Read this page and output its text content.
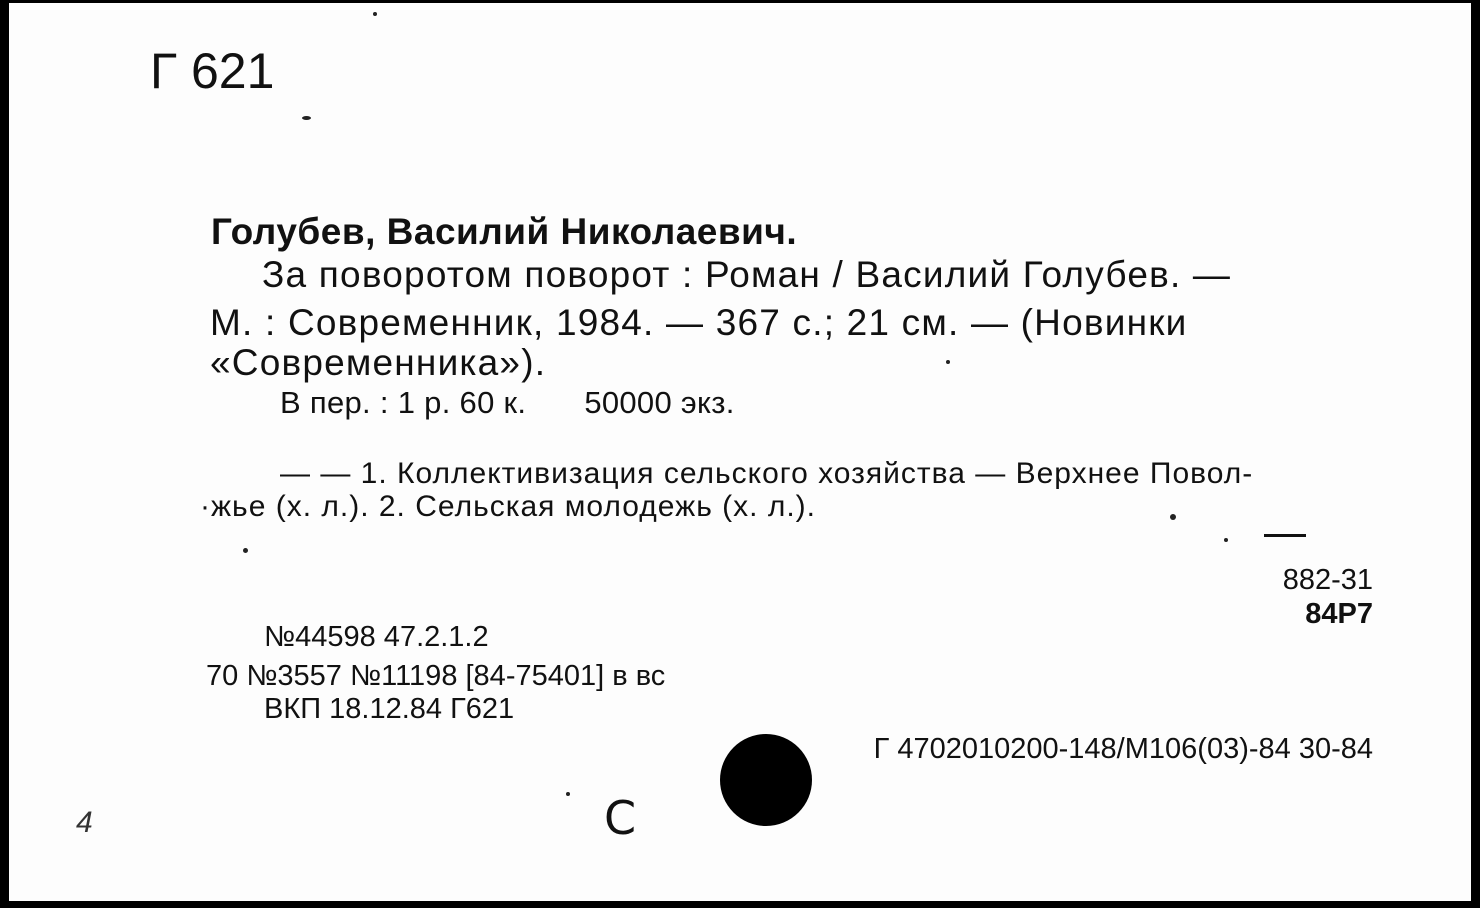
Г 621
Голубев, Василий Николаевич.
За поворотом поворот : Роман / Василий Голубев. —
М. : Современник, 1984. — 367 с.; 21 см. — (Новинки
«Современника»).
В пер. : 1 р. 60 к. 50000 экз.
— — 1. Коллективизация сельского хозяйства — Верхнее Повол-
·жье (х. л.). 2. Сельская молодежь (х. л.).
882-31
84Р7
№44598 47.2.1.2
70 №3557 №11198 [84-75401] в вс
ВКП 18.12.84 Г621
Г 4702010200-148/М106(03)-84 30-84
С
4
